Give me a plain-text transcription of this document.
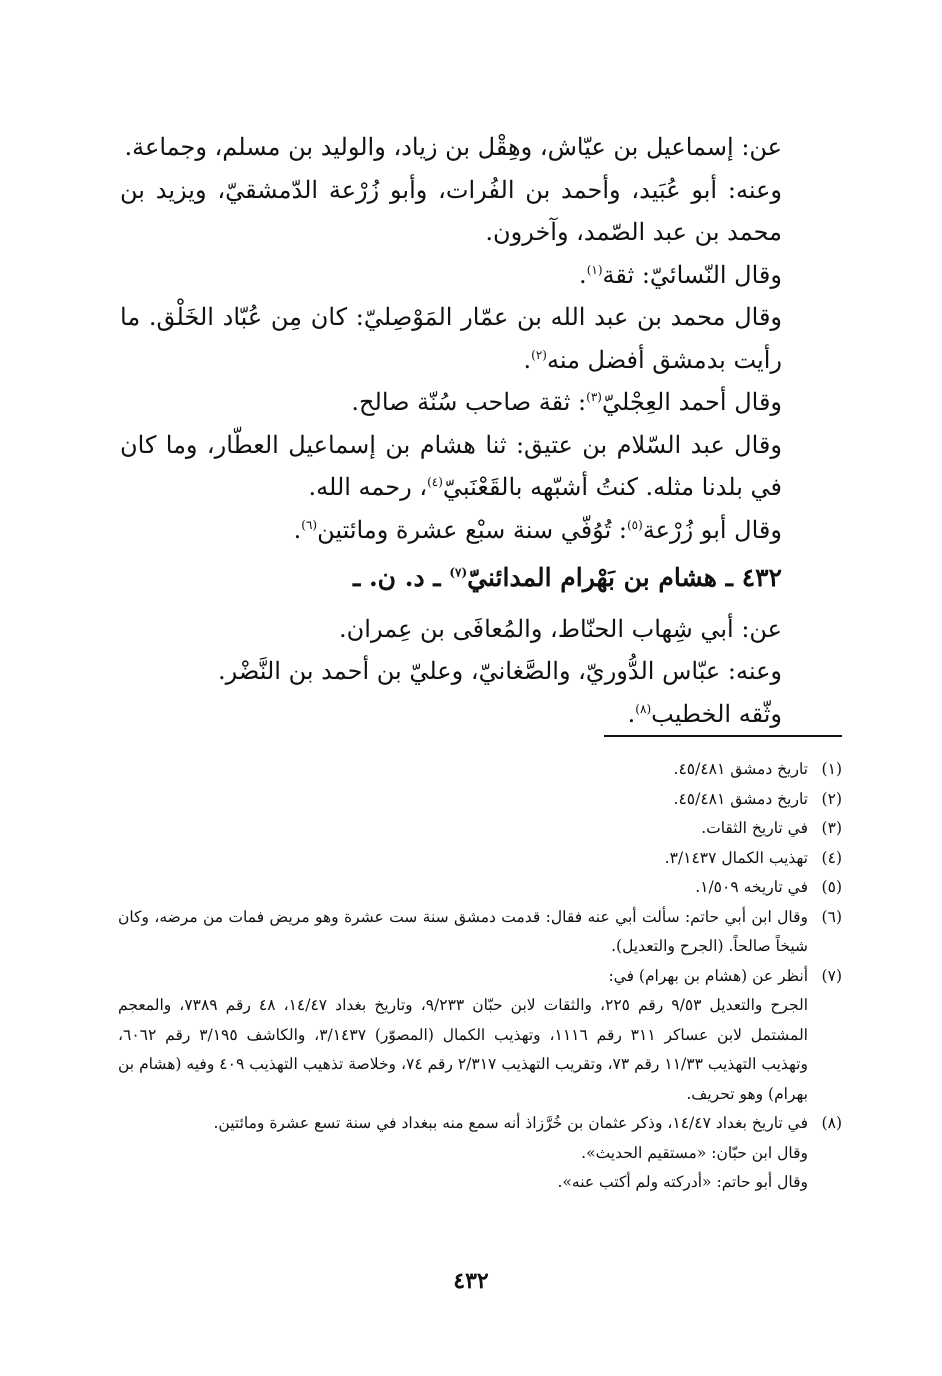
عن: إسماعيل بن عيّاش، وهِقْل بن زياد، والوليد بن مسلم، وجماعة.

وعنه: أبو عُبَيد، وأحمد بن الفُرات، وأبو زُرْعة الدّمشقيّ، ويزيد بن محمد بن عبد الصّمد، وآخرون.

وقال النّسائيّ: ثقة$^{(١)}$.

وقال محمد بن عبد الله بن عمّار المَوْصِليّ: كان مِن عُبّاد الخَلْق. ما رأيت بدمشق أفضل منه$^{(٢)}$.

وقال أحمد العِجْليّ$^{(٣)}$: ثقة صاحب سُنّة صالح.

وقال عبد السّلام بن عتيق: ثنا هشام بن إسماعيل العطّار، وما كان في بلدنا مثله. كنتُ أشبّهه بالقَعْنَبيّ$^{(٤)}$، رحمه الله.

وقال أبو زُرْعة$^{(٥)}$: تُوُفّي سنة سبْع عشرة ومائتين$^{(٦)}$.

٤٣٢ ـ هشام بن بَهْرام المدائنيّ$^{(٧)}$ ـ د. ن. ـ

عن: أبي شِهاب الحنّاط، والمُعافَى بن عِمران.

وعنه: عبّاس الدُّوريّ، والصَّغانيّ، وعليّ بن أحمد بن النَّضْر.

وثّقه الخطيب$^{(٨)}$.

(١)
تاريخ دمشق ٤٥/٤٨١.
(٢)
تاريخ دمشق ٤٥/٤٨١.
(٣)
في تاريخ الثقات.
(٤)
تهذيب الكمال ٣/١٤٣٧.
(٥)
في تاريخه ١/٥٠٩.
(٦)
وقال ابن أبي حاتم: سألت أبي عنه فقال: قدمت دمشق سنة ست عشرة وهو مريض فمات من مرضه، وكان شيخاً صالحاً. (الجرح والتعديل).
(٧)
أنظر عن (هشام بن بهرام) في:
الجرح والتعديل ٩/٥٣ رقم ٢٢٥، والثقات لابن حبّان ٩/٢٣٣، وتاريخ بغداد ١٤/٤٧، ٤٨ رقم ٧٣٨٩، والمعجم المشتمل لابن عساكر ٣١١ رقم ١١١٦، وتهذيب الكمال (المصوّر) ٣/١٤٣٧، والكاشف ٣/١٩٥ رقم ٦٠٦٢، وتهذيب التهذيب ١١/٣٣ رقم ٧٣، وتقريب التهذيب ٢/٣١٧ رقم ٧٤، وخلاصة تذهيب التهذيب ٤٠٩ وفيه (هشام بن بهرام) وهو تحريف.
(٨)
في تاريخ بغداد ١٤/٤٧، وذكر عثمان بن خُرَّزاذ أنه سمع منه ببغداد في سنة تسع عشرة ومائتين.
وقال ابن حبّان: «مستقيم الحديث».
وقال أبو حاتم: «أدركته ولم أكتب عنه».
٤٣٢
